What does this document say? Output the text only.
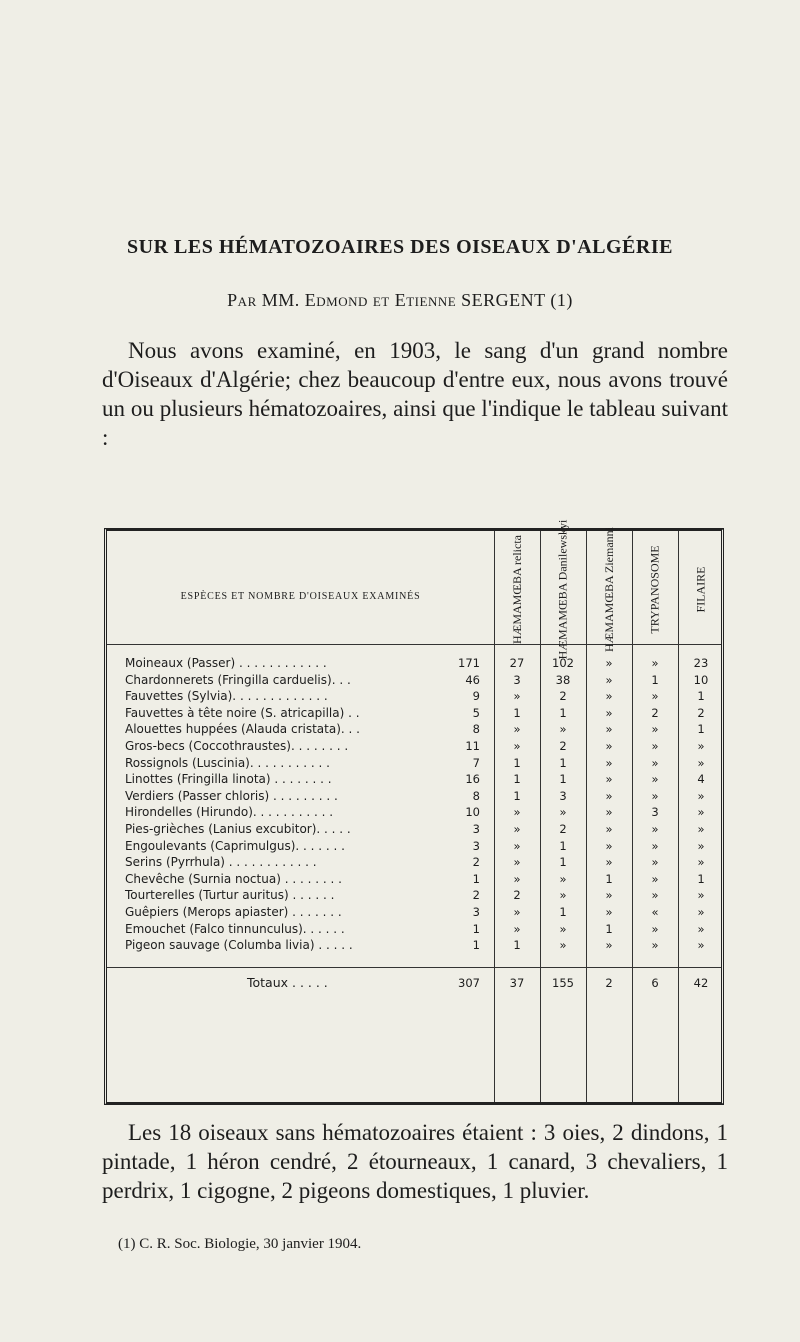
SUR LES HÉMATOZOAIRES DES OISEAUX D'ALGÉRIE
Par MM. Edmond et Etienne SERGENT (1)
Nous avons examiné, en 1903, le sang d'un grand nombre d'Oiseaux d'Algérie; chez beaucoup d'entre eux, nous avons trouvé un ou plusieurs hématozoaires, ainsi que l'indique le tableau suivant :
ESPÈCES ET NOMBRE D'OISEAUX EXAMINÉS	HÆMAMŒBA relicta	HÆMAMŒBA Danilewskyi	HÆMAMŒBA Ziemanni	TRYPANOSOME	FILAIRE
Moineaux (Passer) . . . . . . . . . . . .	171	27	102	»	»	23
Chardonnerets (Fringilla carduelis). . .	46	3	38	»	1	10
Fauvettes (Sylvia). . . . . . . . . . . . .	9	»	2	»	»	1
Fauvettes à tête noire (S. atricapilla) . .	5	1	1	»	2	2
Alouettes huppées (Alauda cristata). . .	8	»	»	»	»	1
Gros-becs (Coccothraustes). . . . . . . .	11	»	2	»	»	»
Rossignols (Luscinia). . . . . . . . . . .	7	1	1	»	»	»
Linottes (Fringilla linota) . . . . . . . .	16	1	1	»	»	4
Verdiers (Passer chloris) . . . . . . . . .	8	1	3	»	»	»
Hirondelles (Hirundo). . . . . . . . . . .	10	»	»	»	3	»
Pies-grièches (Lanius excubitor). . . . .	3	»	2	»	»	»
Engoulevants (Caprimulgus). . . . . . .	3	»	1	»	»	»
Serins (Pyrrhula) . . . . . . . . . . . .	2	»	1	»	»	»
Chevêche (Surnia noctua) . . . . . . . .	1	»	»	1	»	1
Tourterelles (Turtur auritus) . . . . . .	2	2	»	»	»	»
Guêpiers (Merops apiaster) . . . . . . .	3	»	1	»	«	»
Emouchet (Falco tinnunculus). . . . . .	1	»	»	1	»	»
Pigeon sauvage (Columba livia) . . . . .	1	1	»	»	»	»
Totaux . . . . .	307	37	155	2	6	42
Les 18 oiseaux sans hématozoaires étaient : 3 oies, 2 dindons, 1 pintade, 1 héron cendré, 2 étourneaux, 1 canard, 3 chevaliers, 1 perdrix, 1 cigogne, 2 pigeons domestiques, 1 pluvier.
(1) C. R. Soc. Biologie, 30 janvier 1904.
